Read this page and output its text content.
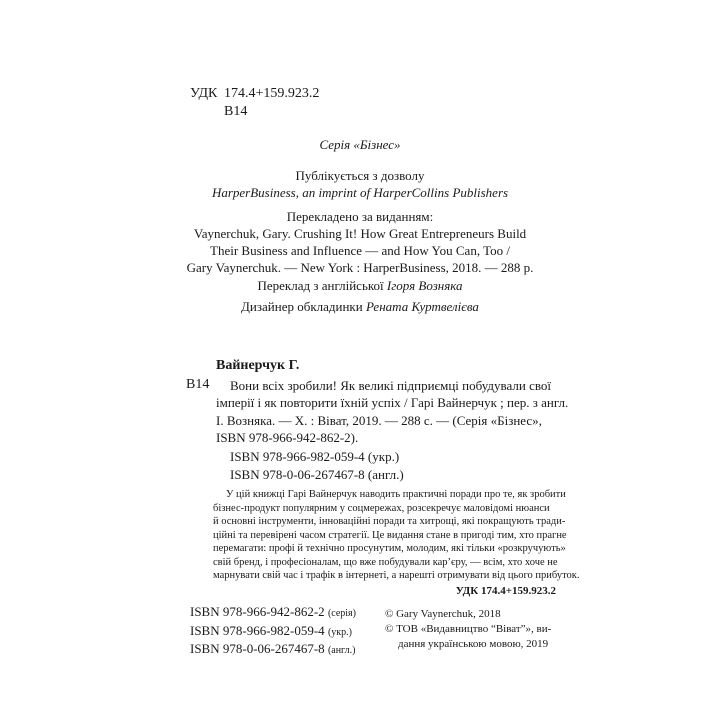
УДК 174.4+159.923.2
В14
Серія «Бізнес»
Публікується з дозволу
HarperBusiness, an imprint of HarperCollins Publishers
Перекладено за виданням:
Vaynerchuk, Gary. Crushing It! How Great Entrepreneurs Build
Their Business and Influence — and How You Can, Too /
Gary Vaynerchuk. — New York : HarperBusiness, 2018. — 288 p.
Переклад з англійської Ігоря Возняка
Дизайнер обкладинки Рената Куртвелієва
Вайнерчук Г.
В14	Вони всіх зробили! Як великі підприємці побудували свої
імперії і як повторити їхній успіх / Гарі Вайнерчук ; пер. з англ.
І. Возняка. — Х. : Віват, 2019. — 288 с. — (Серія «Бізнес»,
ISBN 978-966-942-862-2).
ISBN 978-966-982-059-4 (укр.)
ISBN 978-0-06-267467-8 (англ.)
У цій книжці Гарі Вайнерчук наводить практичні поради про те, як зробити
бізнес-продукт популярним у соцмережах, розсекречує маловідомі нюанси
й основні інструменти, інноваційні поради та хитрощі, які покращують тради-
ційні та перевірені часом стратегії. Це видання стане в пригоді тим, хто прагне
перемагати: профі й технічно просунутим, молодим, які тільки «розкручують»
свій бренд, і професіоналам, що вже побудували кар’єру, — всім, хто хоче не
марнувати свій час і трафік в інтернеті, а нарешті отримувати від цього прибуток.
УДК 174.4+159.923.2
ISBN 978-966-942-862-2 (серія)
ISBN 978-966-982-059-4 (укр.)
ISBN 978-0-06-267467-8 (англ.)
© Gary Vaynerchuk, 2018
© ТОВ «Видавництво “Віват”», ви-
дання українською мовою, 2019
